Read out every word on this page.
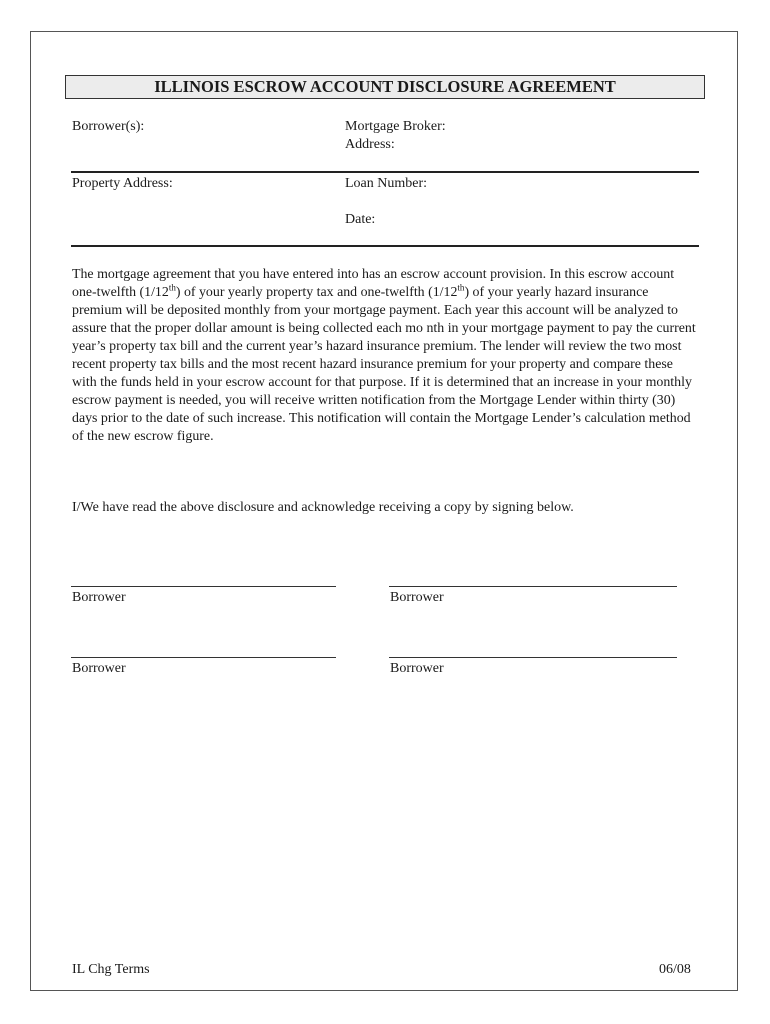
ILLINOIS ESCROW ACCOUNT DISCLOSURE AGREEMENT
Borrower(s):	Mortgage Broker:
Address:
Property Address:	Loan Number:
Date:
The mortgage agreement that you have entered into has an escrow account provision. In this escrow account one-twelfth (1/12th) of your yearly property tax and one-twelfth (1/12th) of your yearly hazard insurance premium will be deposited monthly from your mortgage payment. Each year this account will be analyzed to assure that the proper dollar amount is being collected each mo nth in your mortgage payment to pay the current year’s property tax bill and the current year’s hazard insurance premium. The lender will review the two most recent property tax bills and the most recent hazard insurance premium for your property and compare these with the funds held in your escrow account for that purpose. If it is determined that an increase in your monthly escrow payment is needed, you will receive written notification from the Mortgage Lender within thirty (30) days prior to the date of such increase. This notification will contain the Mortgage Lender’s calculation method of the new escrow figure.
I/We have read the above disclosure and acknowledge receiving a copy by signing below.
Borrower	Borrower
Borrower	Borrower
IL Chg Terms	06/08
